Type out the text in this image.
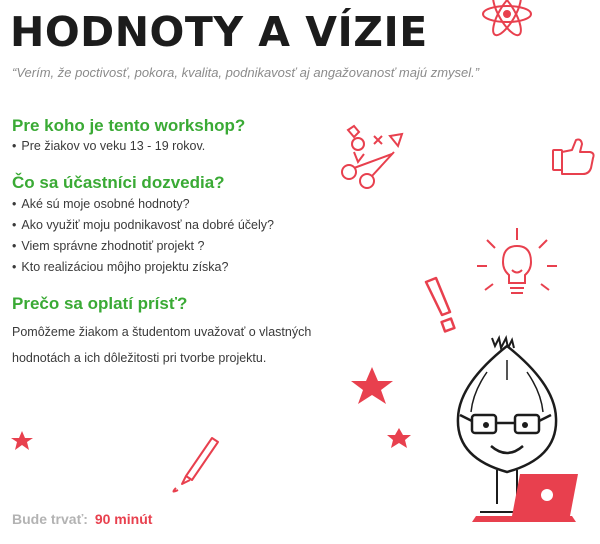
HODNOTY A VÍZIE
“Verím, že poctivosť, pokora, kvalita, podnikavosť aj angažovanosť majú zmysel.”
Pre koho je tento workshop?
• Pre žiakov vo veku 13 - 19 rokov.
Čo sa účastníci dozvedia?
• Aké sú moje osobné hodnoty?
• Ako využiť moju podnikavosť na dobré účely?
• Viem správne zhodnotiť projekt ?
• Kto realizáciou môjho projektu získa?
Prečo sa oplatí prísť?
Pomôžeme žiakom a študentom uvažovať o vlastných
hodnotách a ich dôležitosti pri tvorbe projektu.
Bude trvať: 90 minút
